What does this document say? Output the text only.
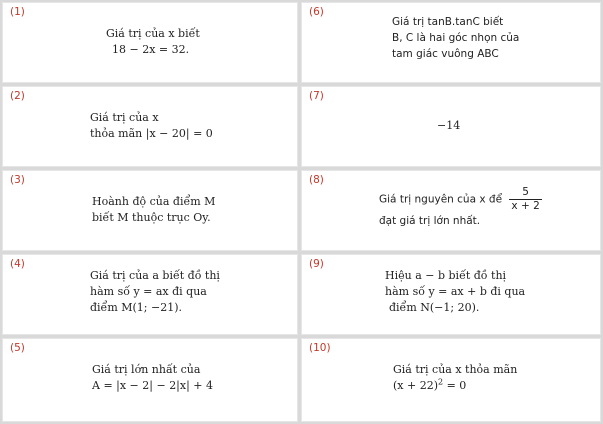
(1)
Giá trị của x biết
18 − 2x = 32.
(6)
Giá trị tanB.tanC biết
B, C là hai góc nhọn của
tam giác vuông ABC
(2)
Giá trị của x
thỏa mãn |x − 20| = 0
(7)
−14
(3)
Hoành độ của điểm M
biết M thuộc trục Oy.
(8)
Giá trị nguyên của x để $\frac{5}{x + 2}$
đạt giá trị lớn nhất.
(4)
Giá trị của a biết đồ thị
hàm số y = ax đi qua
điểm M(1; −21).
(9)
Hiệu a − b biết đồ thị
hàm số y = ax + b đi qua
điểm N(−1; 20).
(5)
Giá trị lớn nhất của
A = |x − 2| − 2|x| + 4
(10)
Giá trị của x thỏa mãn
$(x + 22)^2 = 0$
